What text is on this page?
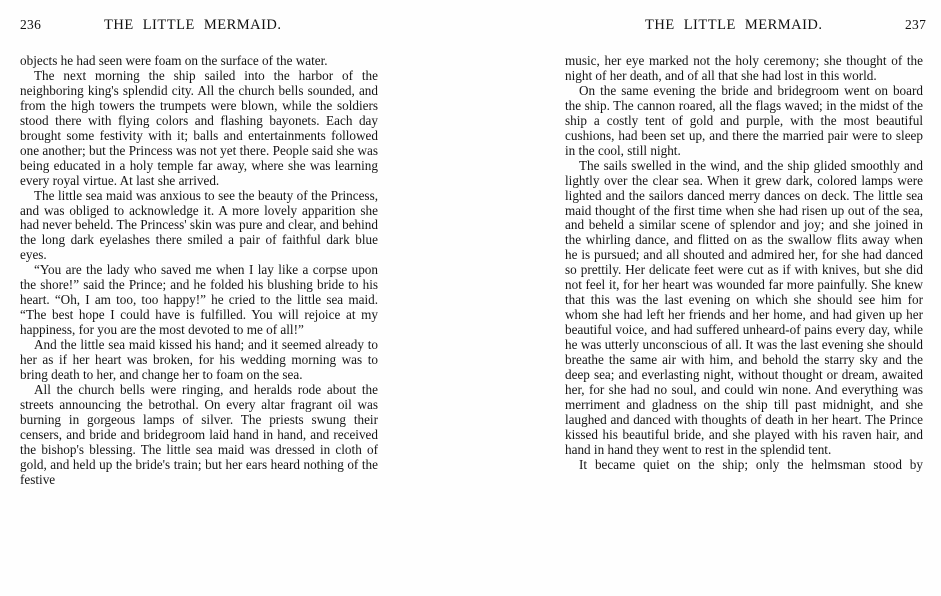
236	THE LITTLE MERMAID.

objects he had seen were foam on the surface of the water.

The next morning the ship sailed into the harbor of the neighboring king's splendid city. All the church bells sounded, and from the high towers the trumpets were blown, while the soldiers stood there with flying colors and flashing bayonets. Each day brought some festivity with it; balls and entertainments followed one another; but the Princess was not yet there. People said she was being educated in a holy temple far away, where she was learning every royal virtue. At last she arrived.

The little sea maid was anxious to see the beauty of the Princess, and was obliged to acknowledge it. A more lovely apparition she had never beheld. The Princess' skin was pure and clear, and behind the long dark eyelashes there smiled a pair of faithful dark blue eyes.

“You are the lady who saved me when I lay like a corpse upon the shore!” said the Prince; and he folded his blushing bride to his heart. “Oh, I am too, too happy!” he cried to the little sea maid. “The best hope I could have is fulfilled. You will rejoice at my happiness, for you are the most devoted to me of all!”

And the little sea maid kissed his hand; and it seemed already to her as if her heart was broken, for his wedding morning was to bring death to her, and change her to foam on the sea.

All the church bells were ringing, and heralds rode about the streets announcing the betrothal. On every altar fragrant oil was burning in gorgeous lamps of silver. The priests swung their censers, and bride and bridegroom laid hand in hand, and received the bishop's blessing. The little sea maid was dressed in cloth of gold, and held up the bride's train; but her ears heard nothing of the festive

THE LITTLE MERMAID.	237

music, her eye marked not the holy ceremony; she thought of the night of her death, and of all that she had lost in this world.

On the same evening the bride and bridegroom went on board the ship. The cannon roared, all the flags waved; in the midst of the ship a costly tent of gold and purple, with the most beautiful cushions, had been set up, and there the married pair were to sleep in the cool, still night.

The sails swelled in the wind, and the ship glided smoothly and lightly over the clear sea. When it grew dark, colored lamps were lighted and the sailors danced merry dances on deck. The little sea maid thought of the first time when she had risen up out of the sea, and beheld a similar scene of splendor and joy; and she joined in the whirling dance, and flitted on as the swallow flits away when he is pursued; and all shouted and admired her, for she had danced so prettily. Her delicate feet were cut as if with knives, but she did not feel it, for her heart was wounded far more painfully. She knew that this was the last evening on which she should see him for whom she had left her friends and her home, and had given up her beautiful voice, and had suffered unheard-of pains every day, while he was utterly unconscious of all. It was the last evening she should breathe the same air with him, and behold the starry sky and the deep sea; and everlasting night, without thought or dream, awaited her, for she had no soul, and could win none. And everything was merriment and gladness on the ship till past midnight, and she laughed and danced with thoughts of death in her heart. The Prince kissed his beautiful bride, and she played with his raven hair, and hand in hand they went to rest in the splendid tent.

It became quiet on the ship; only the helmsman stood by
